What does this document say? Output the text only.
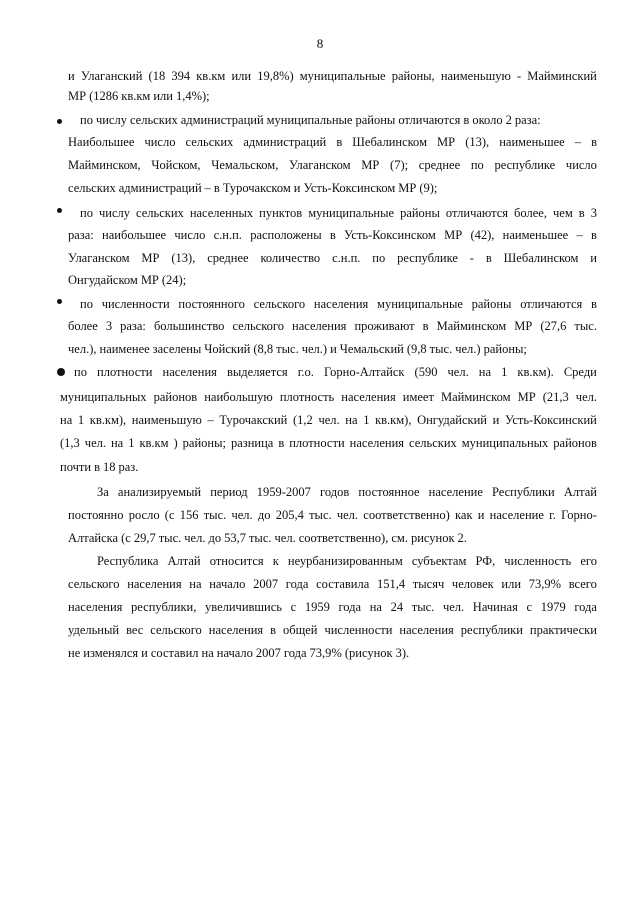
8
и Улаганский (18 394 кв.км или 19,8%) муниципальные районы, наименьшую - Майминский
МР (1286 кв.км или 1,4%);
по числу сельских администраций муниципальные районы отличаются в около 2 раза:
Наибольшее число сельских администраций в Шебалинском МР (13), наименьшее – в
Майминском, Чойском, Чемальском, Улаганском МР (7); среднее по республике число
сельских администраций – в Турочакском и Усть-Коксинском МР (9);
по числу сельских населенных пунктов муниципальные районы отличаются более, чем в 3
раза: наибольшее число с.н.п. расположены в Усть-Коксинском МР (42), наименьшее – в
Улаганском МР (13), среднее количество с.н.п. по республике - в Шебалинском и
Онгудайском МР (24);
по численности постоянного сельского населения муниципальные районы отличаются в
более 3 раза: большинство сельского населения проживают в Майминском МР (27,6 тыс.
чел.), наименее заселены Чойский (8,8 тыс. чел.) и Чемальский (9,8 тыс. чел.) районы;
по плотности населения выделяется г.о. Горно-Алтайск (590 чел. на 1 кв.км). Среди
муниципальных районов наибольшую плотность населения имеет Майминском МР (21,3 чел.
на 1 кв.км), наименьшую – Турочакский (1,2 чел. на 1 кв.км), Онгудайский и Усть-Коксинский
(1,3 чел. на 1 кв.км ) районы; разница в плотности населения сельских муниципальных районов
почти в 18 раз.
За анализируемый период 1959-2007 годов постоянное население Республики Алтай
постоянно росло (с 156 тыс. чел. до 205,4 тыс. чел. соответственно) как и население г. Горно-
Алтайска (с 29,7 тыс. чел. до 53,7 тыс. чел. соответственно), см. рисунок 2.
Республика Алтай относится к неурбанизированным субъектам РФ, численность его
сельского населения на начало 2007 года составила 151,4 тысяч человек или 73,9% всего
населения республики, увеличившись с 1959 года на 24 тыс. чел. Начиная с 1979 года
удельный вес сельского населения в общей численности населения республики практически
не изменялся и составил на начало 2007 года 73,9% (рисунок 3).
